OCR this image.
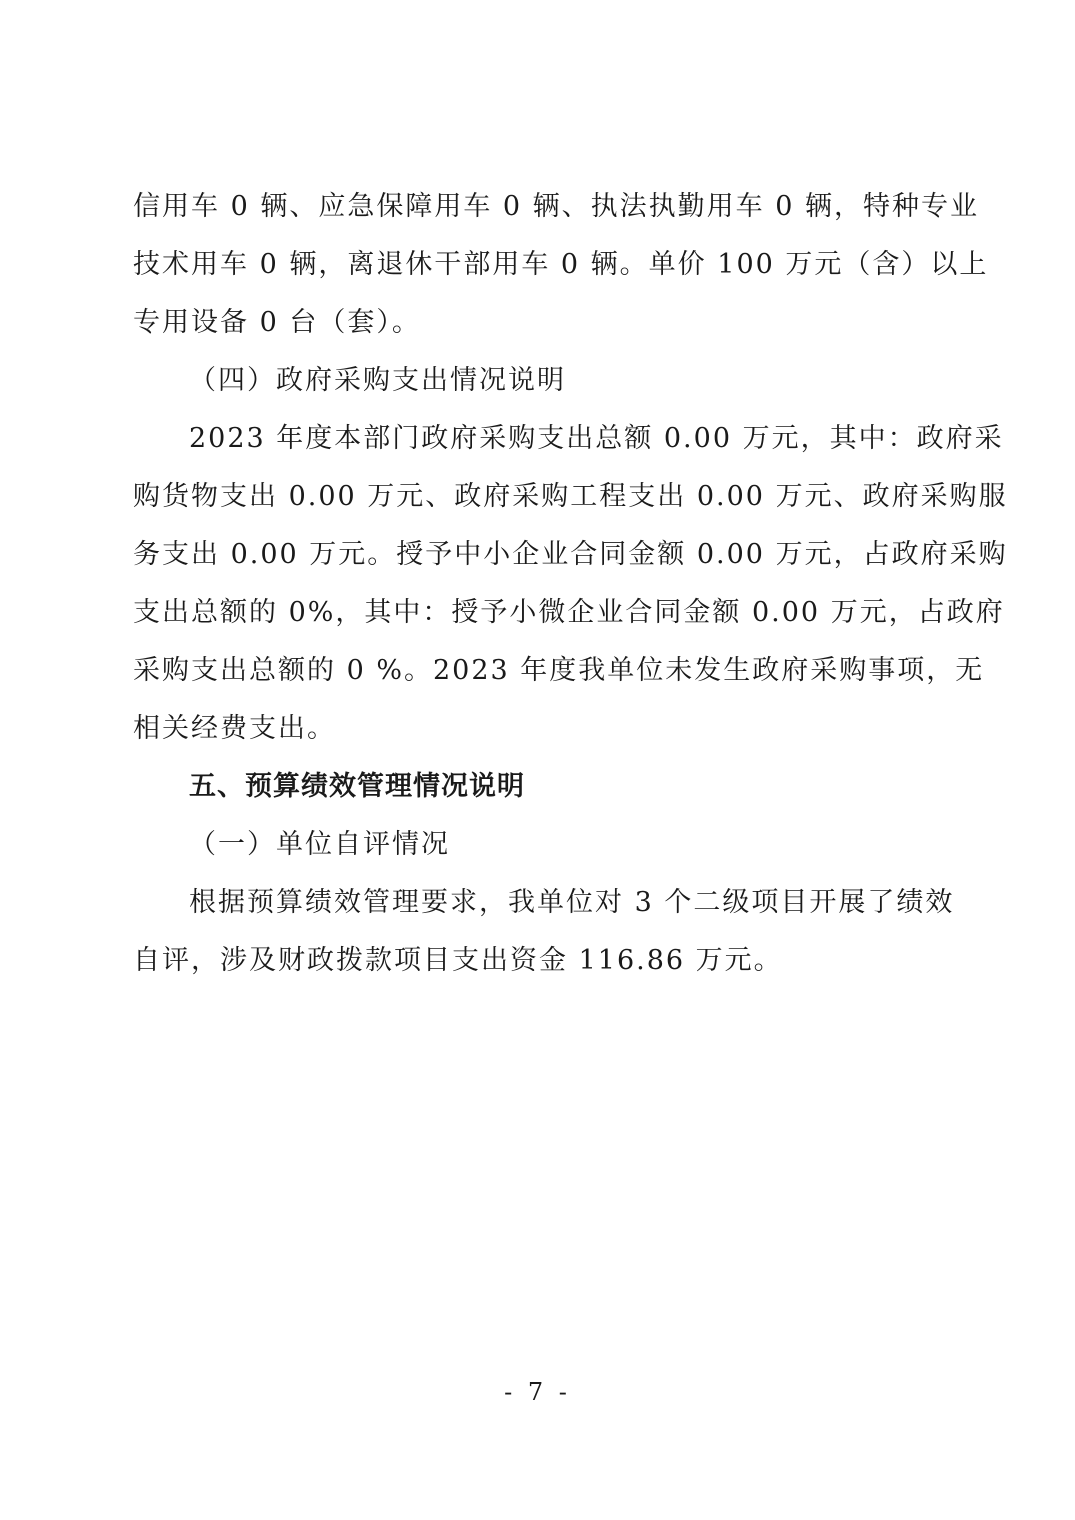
信用车 0 辆、应急保障用车 0 辆、执法执勤用车 0 辆，特种专业
技术用车 0 辆，离退休干部用车 0 辆。单价 100 万元（含）以上
专用设备 0 台（套）。
（四）政府采购支出情况说明
2023 年度本部门政府采购支出总额 0.00 万元，其中：政府采
购货物支出 0.00 万元、政府采购工程支出 0.00 万元、政府采购服
务支出 0.00 万元。授予中小企业合同金额 0.00 万元，占政府采购
支出总额的 0%，其中：授予小微企业合同金额 0.00 万元，占政府
采购支出总额的 0 %。2023 年度我单位未发生政府采购事项，无
相关经费支出。
五、预算绩效管理情况说明
（一）单位自评情况
根据预算绩效管理要求，我单位对 3 个二级项目开展了绩效
自评，涉及财政拨款项目支出资金 116.86 万元。
- 7 -
